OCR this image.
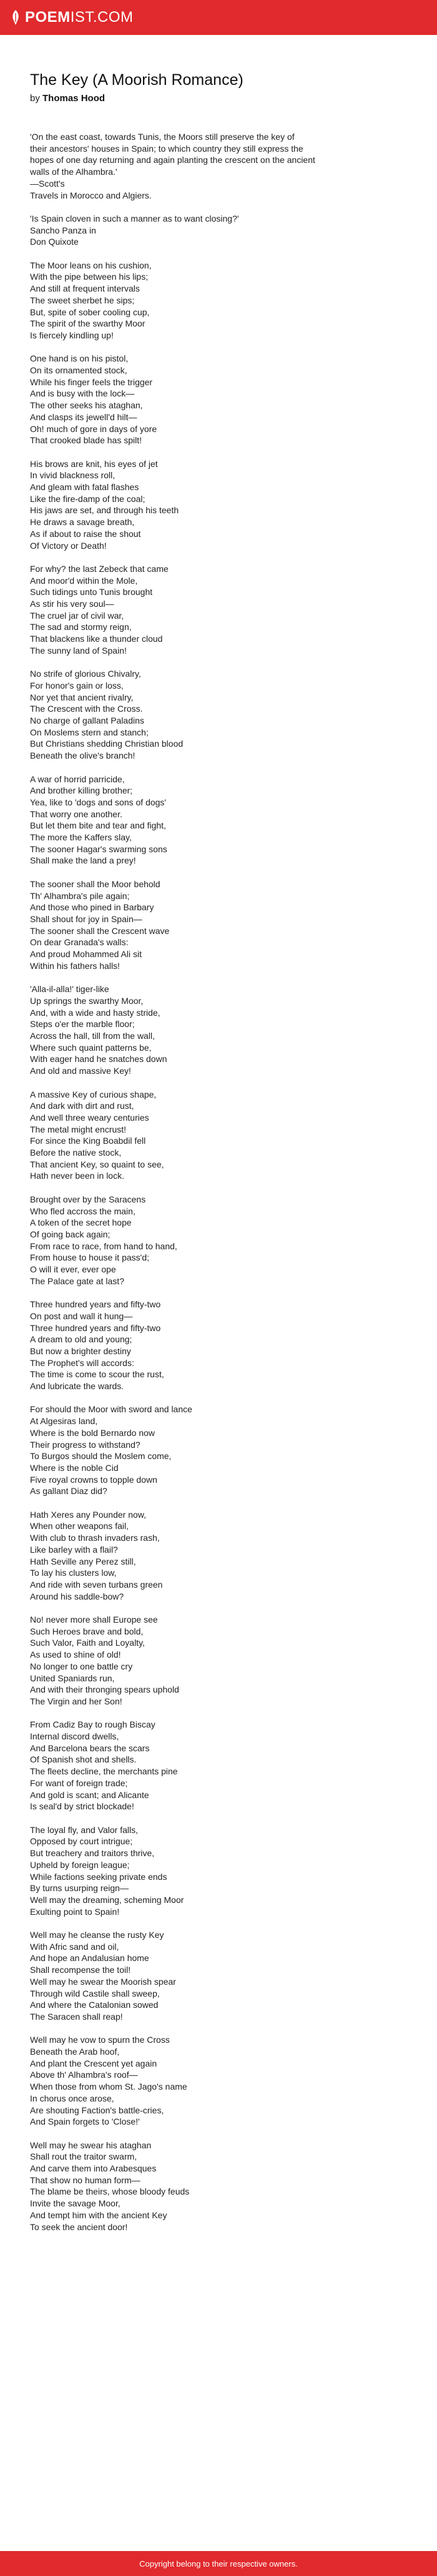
POEM IST.COM
The Key (A Moorish Romance)

by Thomas Hood

'On the east coast, towards Tunis, the Moors still preserve the key of
their ancestors' houses in Spain; to which country they still express the
hopes of one day returning and again planting the crescent on the ancient
walls of the Alhambra.'
—Scott's
Travels in Morocco and Algiers.
'Is Spain cloven in such a manner as to want closing?'
Sancho Panza in
Don Quixote
The Moor leans on his cushion,
With the pipe between his lips;
And still at frequent intervals
The sweet sherbet he sips;
But, spite of sober cooling cup,
The spirit of the swarthy Moor
Is fiercely kindling up!
One hand is on his pistol,
On its ornamented stock,
While his finger feels the trigger
And is busy with the lock—
The other seeks his ataghan,
And clasps its jewell'd hilt—
Oh! much of gore in days of yore
That crooked blade has spilt!
His brows are knit, his eyes of jet
In vivid blackness roll,
And gleam with fatal flashes
Like the fire-damp of the coal;
His jaws are set, and through his teeth
He draws a savage breath,
As if about to raise the shout
Of Victory or Death!
For why? the last Zebeck that came
And moor'd within the Mole,
Such tidings unto Tunis brought
As stir his very soul—
The cruel jar of civil war,
The sad and stormy reign,
That blackens like a thunder cloud
The sunny land of Spain!
No strife of glorious Chivalry,
For honor's gain or loss,
Nor yet that ancient rivalry,
The Crescent with the Cross.
No charge of gallant Paladins
On Moslems stern and stanch;
But Christians shedding Christian blood
Beneath the olive's branch!
A war of horrid parricide,
And brother killing brother;
Yea, like to 'dogs and sons of dogs'
That worry one another.
But let them bite and tear and fight,
The more the Kaffers slay,
The sooner Hagar's swarming sons
Shall make the land a prey!
The sooner shall the Moor behold
Th' Alhambra's pile again;
And those who pined in Barbary
Shall shout for joy in Spain—
The sooner shall the Crescent wave
On dear Granada's walls:
And proud Mohammed Ali sit
Within his fathers halls!
'Alla-il-alla!' tiger-like
Up springs the swarthy Moor,
And, with a wide and hasty stride,
Steps o'er the marble floor;
Across the hall, till from the wall,
Where such quaint patterns be,
With eager hand he snatches down
And old and massive Key!
A massive Key of curious shape,
And dark with dirt and rust,
And well three weary centuries
The metal might encrust!
For since the King Boabdil fell
Before the native stock,
That ancient Key, so quaint to see,
Hath never been in lock.
Brought over by the Saracens
Who fled accross the main,
A token of the secret hope
Of going back again;
From race to race, from hand to hand,
From house to house it pass'd;
O will it ever, ever ope
The Palace gate at last?
Three hundred years and fifty-two
On post and wall it hung—
Three hundred years and fifty-two
A dream to old and young;
But now a brighter destiny
The Prophet's will accords:
The time is come to scour the rust,
And lubricate the wards.
For should the Moor with sword and lance
At Algesiras land,
Where is the bold Bernardo now
Their progress to withstand?
To Burgos should the Moslem come,
Where is the noble Cid
Five royal crowns to topple down
As gallant Diaz did?
Hath Xeres any Pounder now,
When other weapons fail,
With club to thrash invaders rash,
Like barley with a flail?
Hath Seville any Perez still,
To lay his clusters low,
And ride with seven turbans green
Around his saddle-bow?
No! never more shall Europe see
Such Heroes brave and bold,
Such Valor, Faith and Loyalty,
As used to shine of old!
No longer to one battle cry
United Spaniards run,
And with their thronging spears uphold
The Virgin and her Son!
From Cadiz Bay to rough Biscay
Internal discord dwells,
And Barcelona bears the scars
Of Spanish shot and shells.
The fleets decline, the merchants pine
For want of foreign trade;
And gold is scant; and Alicante
Is seal'd by strict blockade!
The loyal fly, and Valor falls,
Opposed by court intrigue;
But treachery and traitors thrive,
Upheld by foreign league;
While factions seeking private ends
By turns usurping reign—
Well may the dreaming, scheming Moor
Exulting point to Spain!
Well may he cleanse the rusty Key
With Afric sand and oil,
And hope an Andalusian home
Shall recompense the toil!
Well may he swear the Moorish spear
Through wild Castile shall sweep,
And where the Catalonian sowed
The Saracen shall reap!
Well may he vow to spurn the Cross
Beneath the Arab hoof,
And plant the Crescent yet again
Above th' Alhambra's roof—
When those from whom St. Jago's name
In chorus once arose,
Are shouting Faction's battle-cries,
And Spain forgets to 'Close!'
Well may he swear his ataghan
Shall rout the traitor swarm,
And carve them into Arabesques
That show no human form—
The blame be theirs, whose bloody feuds
Invite the savage Moor,
And tempt him with the ancient Key
To seek the ancient door!
Copyright belong to their respective owners.
